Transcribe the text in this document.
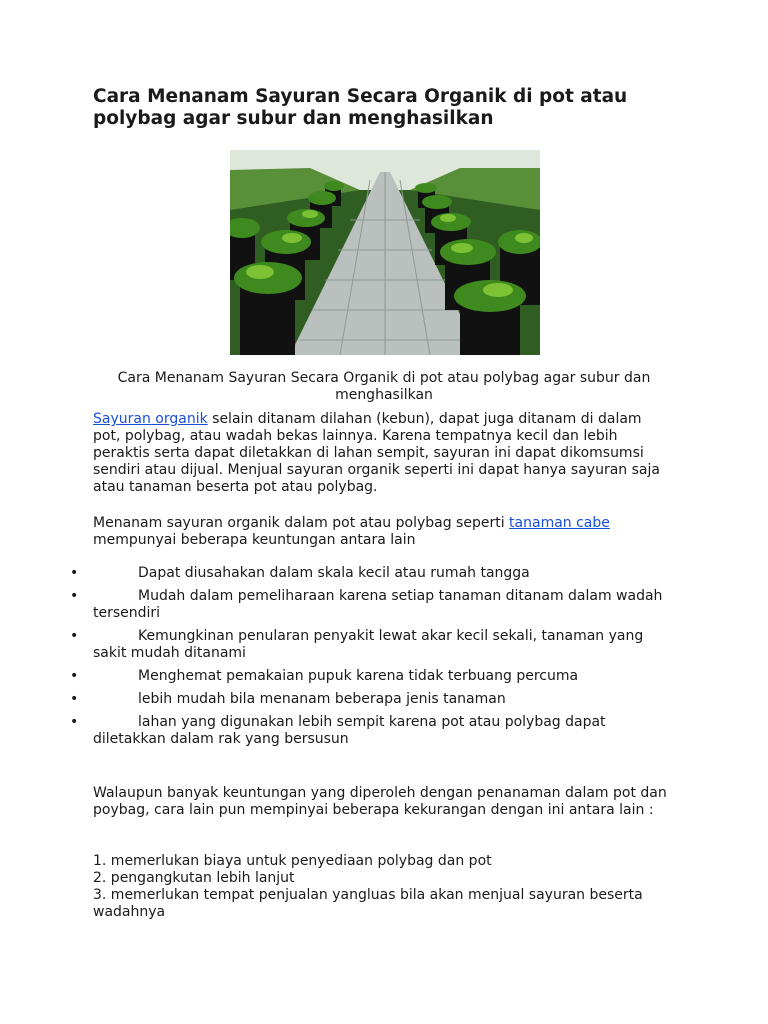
Cara Menanam Sayuran Secara Organik di pot atau polybag agar subur dan menghasilkan

Cara Menanam Sayuran Secara Organik di pot atau polybag agar subur dan menghasilkan

Sayuran organik selain ditanam dilahan (kebun), dapat juga ditanam di dalam pot, polybag, atau wadah bekas lainnya. Karena tempatnya kecil dan lebih peraktis serta dapat diletakkan di lahan sempit, sayuran ini dapat dikomsumsi sendiri atau dijual. Menjual sayuran organik seperti ini dapat hanya sayuran saja atau tanaman beserta pot atau polybag.

Menanam sayuran organik dalam pot atau polybag seperti tanaman cabe mempunyai beberapa keuntungan antara lain

•	Dapat diusahakan dalam skala kecil atau rumah tangga
•	Mudah dalam pemeliharaan karena setiap tanaman ditanam dalam wadah tersendiri
•	Kemungkinan penularan penyakit lewat akar kecil sekali, tanaman yang sakit mudah ditanami
•	Menghemat pemakaian pupuk karena tidak terbuang percuma
•	lebih mudah bila menanam beberapa jenis tanaman
•	lahan yang digunakan lebih sempit karena pot atau polybag dapat diletakkan dalam rak yang bersusun

Walaupun banyak keuntungan yang diperoleh dengan penanaman dalam pot dan poybag, cara lain pun mempinyai beberapa kekurangan dengan ini antara lain :

1. memerlukan biaya untuk penyediaan polybag dan pot
2. pengangkutan lebih lanjut
3. memerlukan tempat penjualan yangluas bila akan menjual sayuran beserta wadahnya
